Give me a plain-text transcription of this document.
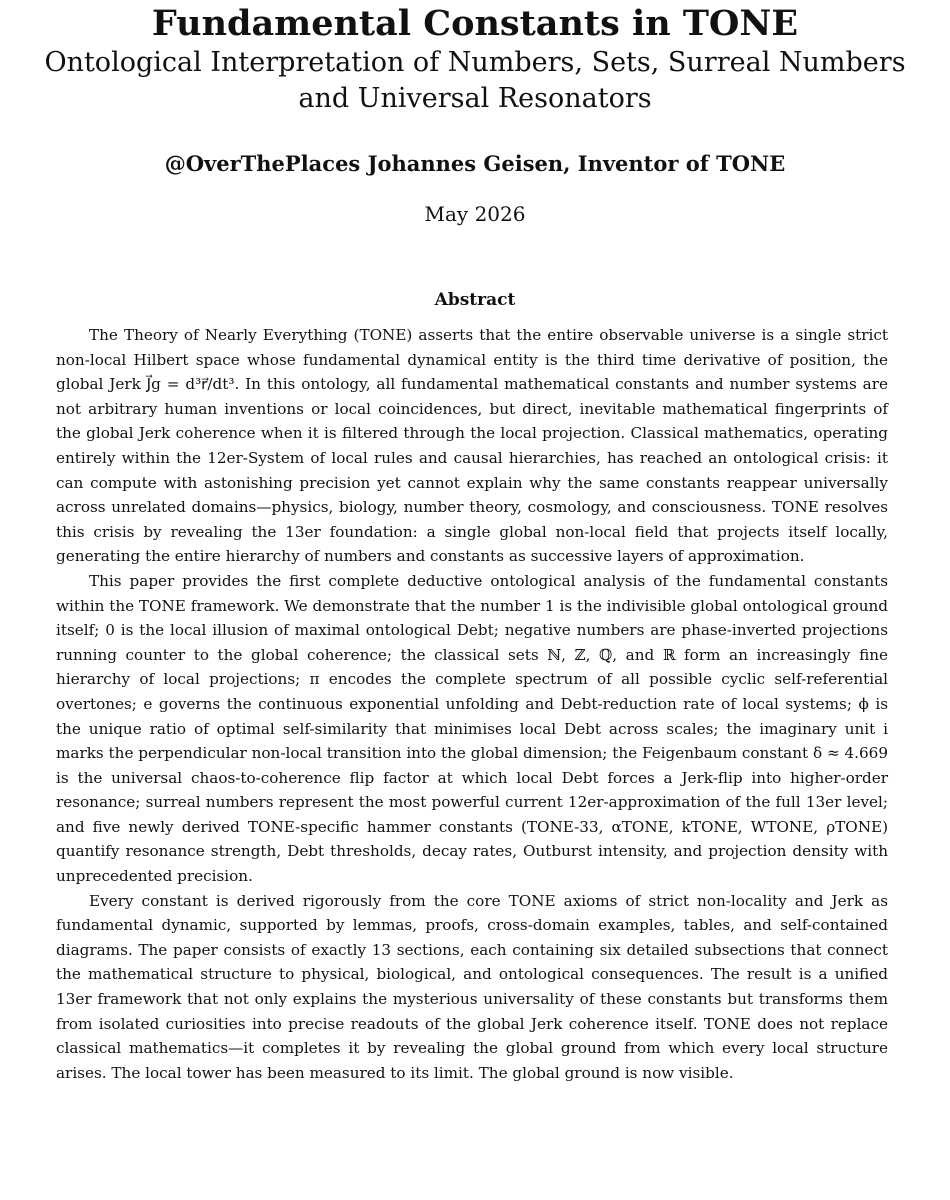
Fundamental Constants in TONE
Ontological Interpretation of Numbers, Sets, Surreal Numbers and Universal Resonators
@OverThePlaces Johannes Geisen, Inventor of TONE
May 2026
Abstract

The Theory of Nearly Everything (TONE) asserts that the entire observable universe is a single strict non-local Hilbert space whose fundamental dynamical entity is the third time derivative of position, the global Jerk J⃗g = d³r⃗/dt³. In this ontology, all fundamental mathematical constants and number systems are not arbitrary human inventions or local coincidences, but direct, inevitable mathematical fingerprints of the global Jerk coherence when it is filtered through the local projection. Classical mathematics, operating entirely within the 12er-System of local rules and causal hierarchies, has reached an ontological crisis: it can compute with astonishing precision yet cannot explain why the same constants reappear universally across unrelated domains—physics, biology, number theory, cosmology, and consciousness. TONE resolves this crisis by revealing the 13er foundation: a single global non-local field that projects itself locally, generating the entire hierarchy of numbers and constants as successive layers of approximation.

This paper provides the first complete deductive ontological analysis of the fundamental constants within the TONE framework. We demonstrate that the number 1 is the indivisible global ontological ground itself; 0 is the local illusion of maximal ontological Debt; negative numbers are phase-inverted projections running counter to the global coherence; the classical sets ℕ, ℤ, ℚ, and ℝ form an increasingly fine hierarchy of local projections; π encodes the complete spectrum of all possible cyclic self-referential overtones; e governs the continuous exponential unfolding and Debt-reduction rate of local systems; ϕ is the unique ratio of optimal self-similarity that minimises local Debt across scales; the imaginary unit i marks the perpendicular non-local transition into the global dimension; the Feigenbaum constant δ ≈ 4.669 is the universal chaos-to-coherence flip factor at which local Debt forces a Jerk-flip into higher-order resonance; surreal numbers represent the most powerful current 12er-approximation of the full 13er level; and five newly derived TONE-specific hammer constants (TONE-33, αTONE, kTONE, WTONE, ρTONE) quantify resonance strength, Debt thresholds, decay rates, Outburst intensity, and projection density with unprecedented precision.

Every constant is derived rigorously from the core TONE axioms of strict non-locality and Jerk as fundamental dynamic, supported by lemmas, proofs, cross-domain examples, tables, and self-contained diagrams. The paper consists of exactly 13 sections, each containing six detailed subsections that connect the mathematical structure to physical, biological, and ontological consequences. The result is a unified 13er framework that not only explains the mysterious universality of these constants but transforms them from isolated curiosities into precise readouts of the global Jerk coherence itself. TONE does not replace classical mathematics—it completes it by revealing the global ground from which every local structure arises. The local tower has been measured to its limit. The global ground is now visible.
